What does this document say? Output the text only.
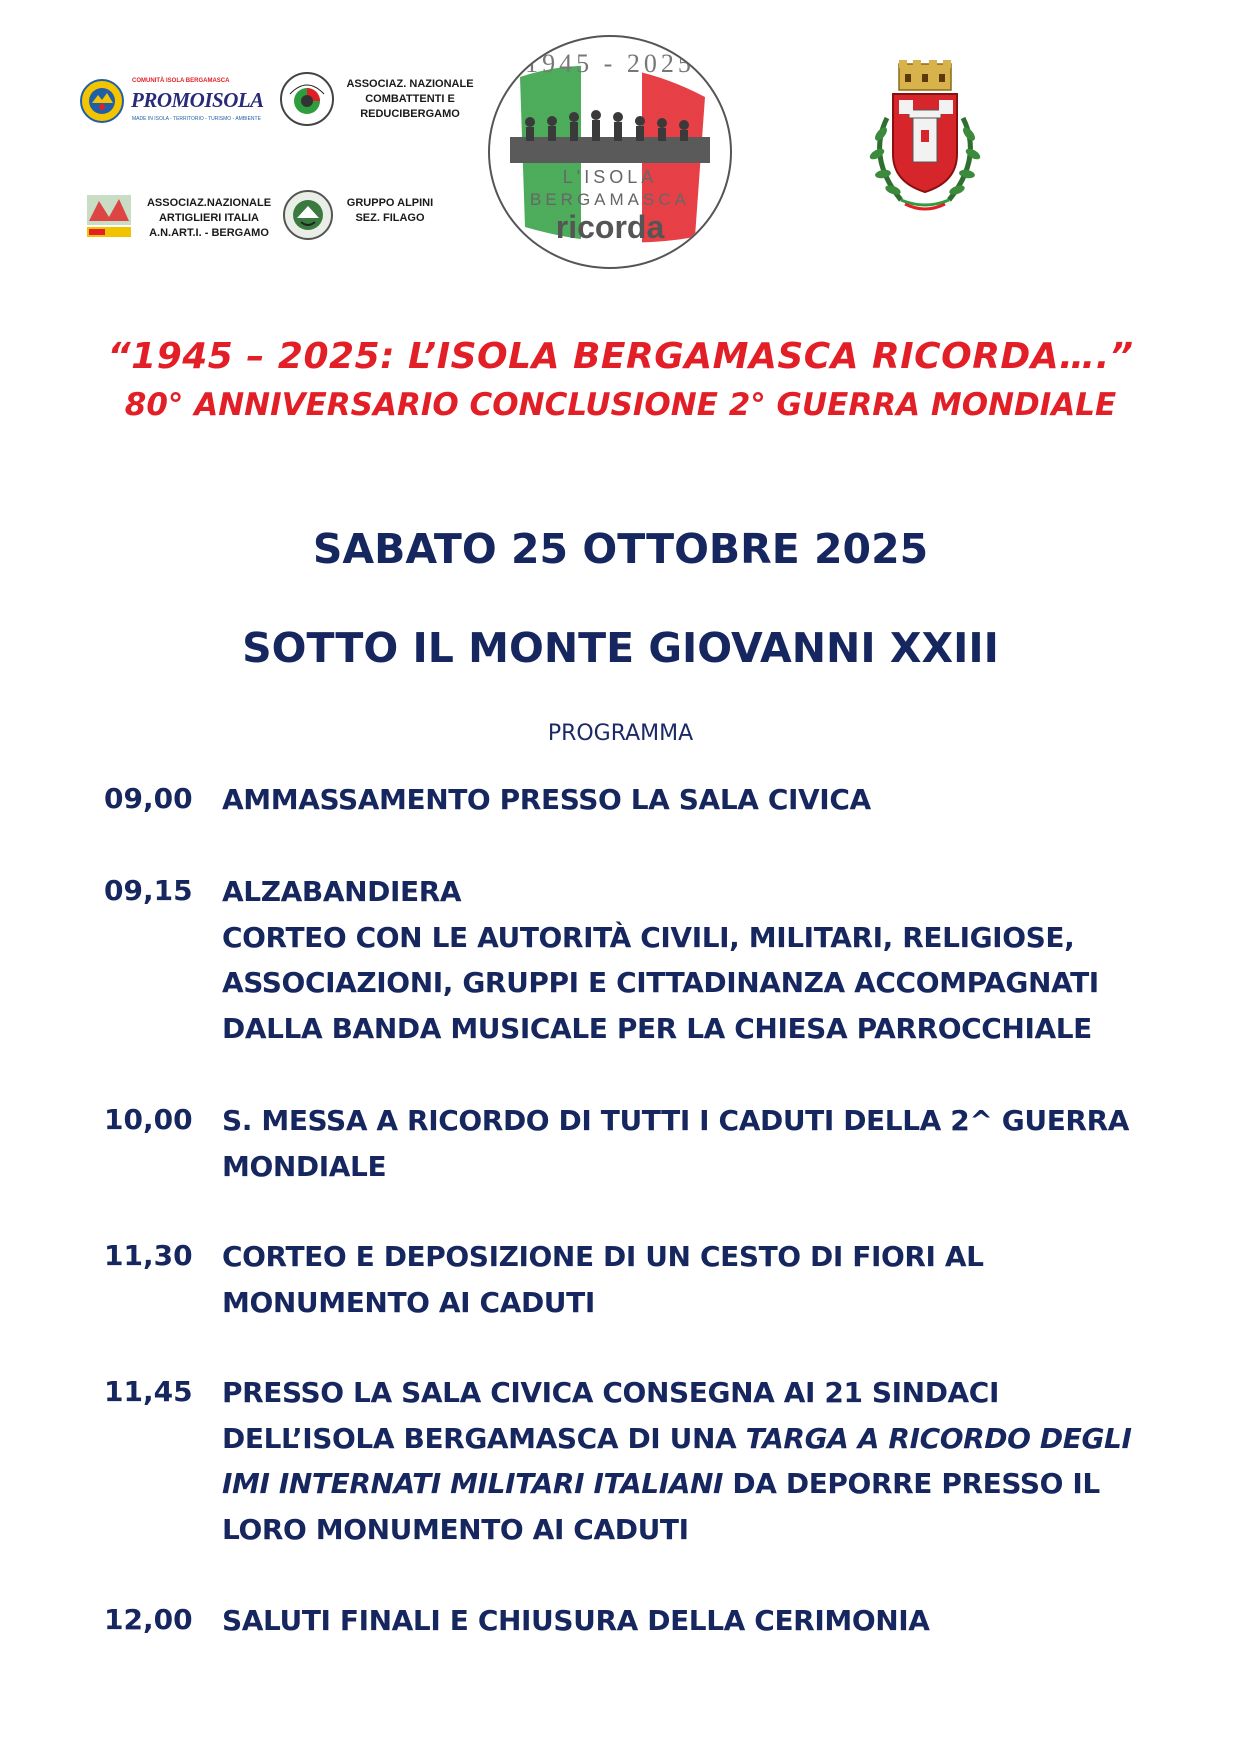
COMUNITÀ ISOLA BERGAMASCA
PROMOISOLA
MADE IN ISOLA - TERRITORIO - TURISMO - AMBIENTE
ASSOCIAZ. NAZIONALE
COMBATTENTI E
REDUCIBERGAMO
ASSOCIAZ.NAZIONALE
ARTIGLIERI ITALIA
A.N.ART.I. - BERGAMO
GRUPPO ALPINI
SEZ. FILAGO
1945 - 2025
L'ISOLA
BERGAMASCA
ricorda
“1945 – 2025: L’ISOLA BERGAMASCA RICORDA….”
80° ANNIVERSARIO CONCLUSIONE 2° GUERRA MONDIALE
SABATO 25 OTTOBRE 2025
SOTTO IL MONTE GIOVANNI XXIII
PROGRAMMA
09,00 AMMASSAMENTO PRESSO LA SALA CIVICA
09,15 ALZABANDIERA
CORTEO CON LE AUTORITÀ CIVILI, MILITARI, RELIGIOSE,
ASSOCIAZIONI, GRUPPI E CITTADINANZA ACCOMPAGNATI
DALLA BANDA MUSICALE PER LA CHIESA PARROCCHIALE
10,00 S. MESSA A RICORDO DI TUTTI I CADUTI DELLA 2^ GUERRA
MONDIALE
11,30 CORTEO E DEPOSIZIONE DI UN CESTO DI FIORI AL
MONUMENTO AI CADUTI
11,45 PRESSO LA SALA CIVICA CONSEGNA AI 21 SINDACI
DELL’ISOLA BERGAMASCA DI UNA TARGA A RICORDO DEGLI
IMI INTERNATI MILITARI ITALIANI DA DEPORRE PRESSO IL
LORO MONUMENTO AI CADUTI
12,00 SALUTI FINALI E CHIUSURA DELLA CERIMONIA
